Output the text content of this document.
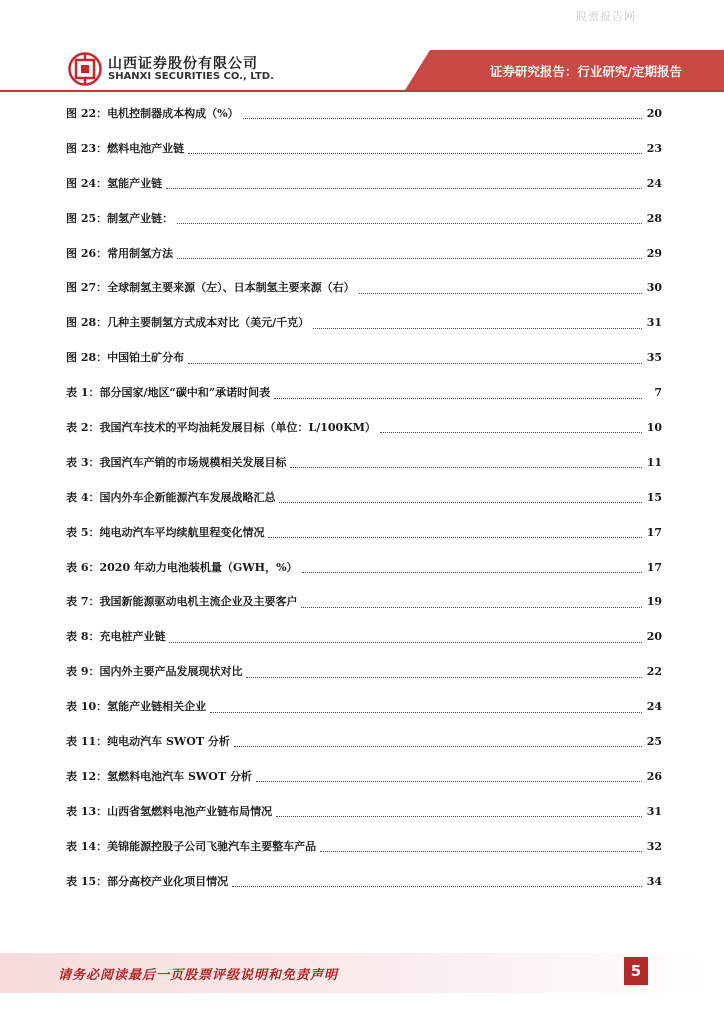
股票报告网
山西证券股份有限公司
SHANXI SECURITIES CO., LTD.	证券研究报告：行业研究/定期报告
图 22：电机控制器成本构成（%）	20
图 23：燃料电池产业链	23
图 24：氢能产业链	24
图 25：制氢产业链：	28
图 26：常用制氢方法	29
图 27：全球制氢主要来源（左）、日本制氢主要来源（右）	30
图 28：几种主要制氢方式成本对比（美元/千克）	31
图 28：中国铂土矿分布	35
表 1：部分国家/地区“碳中和”承诺时间表	7
表 2：我国汽车技术的平均油耗发展目标（单位：L/100KM）	10
表 3：我国汽车产销的市场规模相关发展目标	11
表 4：国内外车企新能源汽车发展战略汇总	15
表 5：纯电动汽车平均续航里程变化情况	17
表 6：2020 年动力电池装机量（GWH，%）	17
表 7：我国新能源驱动电机主流企业及主要客户	19
表 8：充电桩产业链	20
表 9：国内外主要产品发展现状对比	22
表 10：氢能产业链相关企业	24
表 11：纯电动汽车 SWOT 分析	25
表 12：氢燃料电池汽车 SWOT 分析	26
表 13：山西省氢燃料电池产业链布局情况	31
表 14：美锦能源控股子公司飞驰汽车主要整车产品	32
表 15：部分高校产业化项目情况	34
请务必阅读最后一页股票评级说明和免责声明	5
